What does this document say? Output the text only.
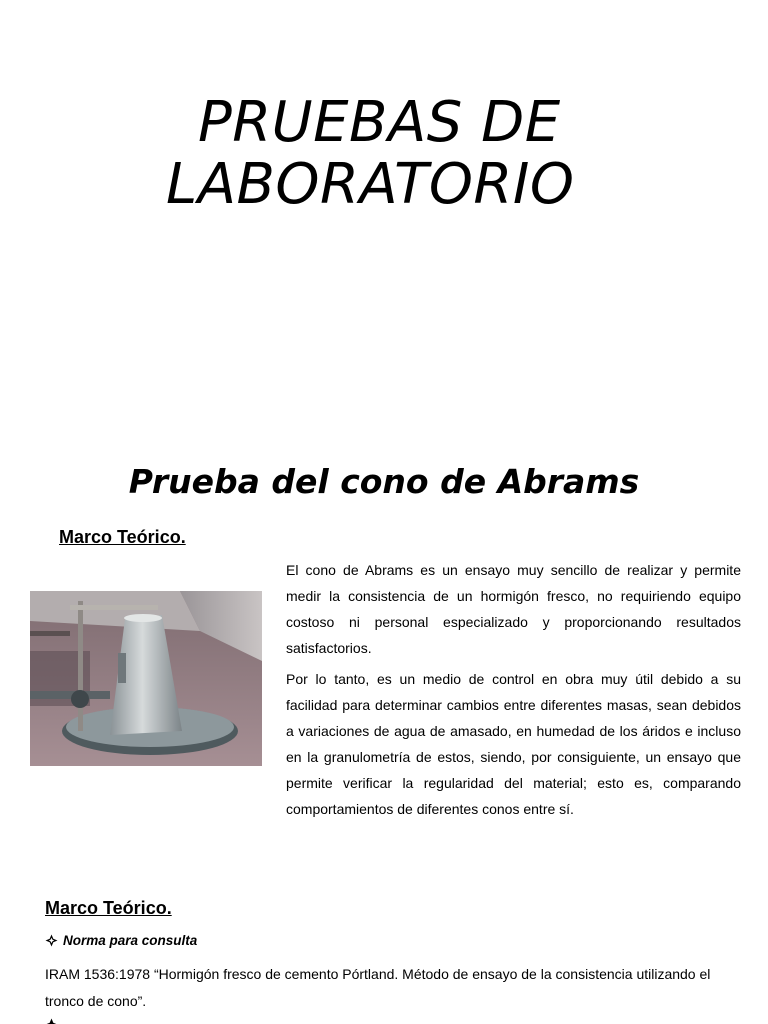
PRUEBAS DE
LABORATORIO
Prueba del cono de Abrams
Marco Teórico.

El cono de Abrams es un ensayo muy sencillo de realizar y permite medir la consistencia de un hormigón fresco, no requiriendo equipo costoso ni personal especializado y proporcionando resultados satisfactorios.

Por lo tanto, es un medio de control en obra muy útil debido a su facilidad para determinar cambios entre diferentes masas, sean debidos a variaciones de agua de amasado, en humedad de los áridos e incluso en la granulometría de estos, siendo, por consiguiente, un ensayo que permite verificar la regularidad del material; esto es, comparando comportamientos de diferentes conos entre sí.

Marco Teórico.
Norma para consulta
IRAM 1536:1978 “Hormigón fresco de cemento Pórtland. Método de ensayo de la consistencia utilizando el tronco de cono”.
